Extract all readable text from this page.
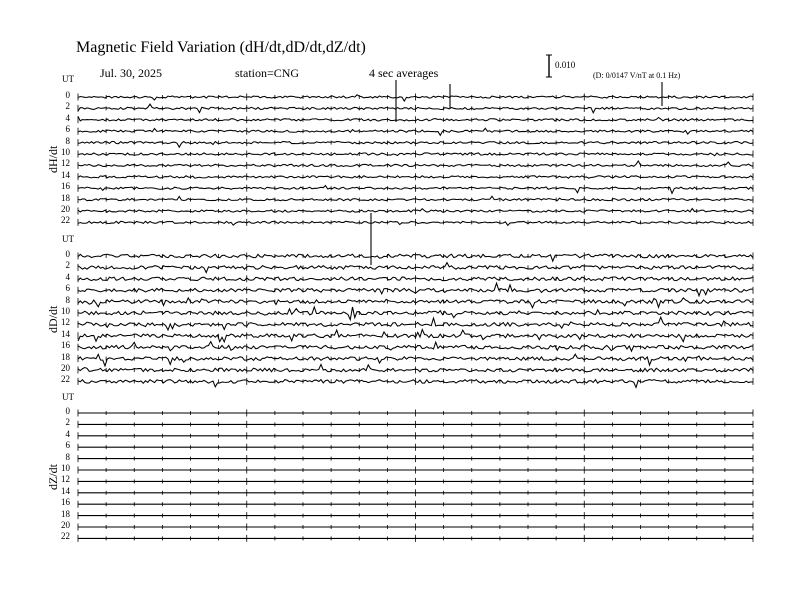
Magnetic Field Variation (dH/dt,dD/dt,dZ/dt)
Jul. 30, 2025	station=CNG	4 sec averages
0.010
(D: 0/0147 V/nT at 0.1 Hz)
UT
UT
UT
dH/dt
dD/dt
dZ/dt
0
2
4
6
8
10
12
14
16
18
20
22
0
2
4
6
8
10
12
14
16
18
20
22
0
2
4
6
8
10
12
14
16
18
20
22
